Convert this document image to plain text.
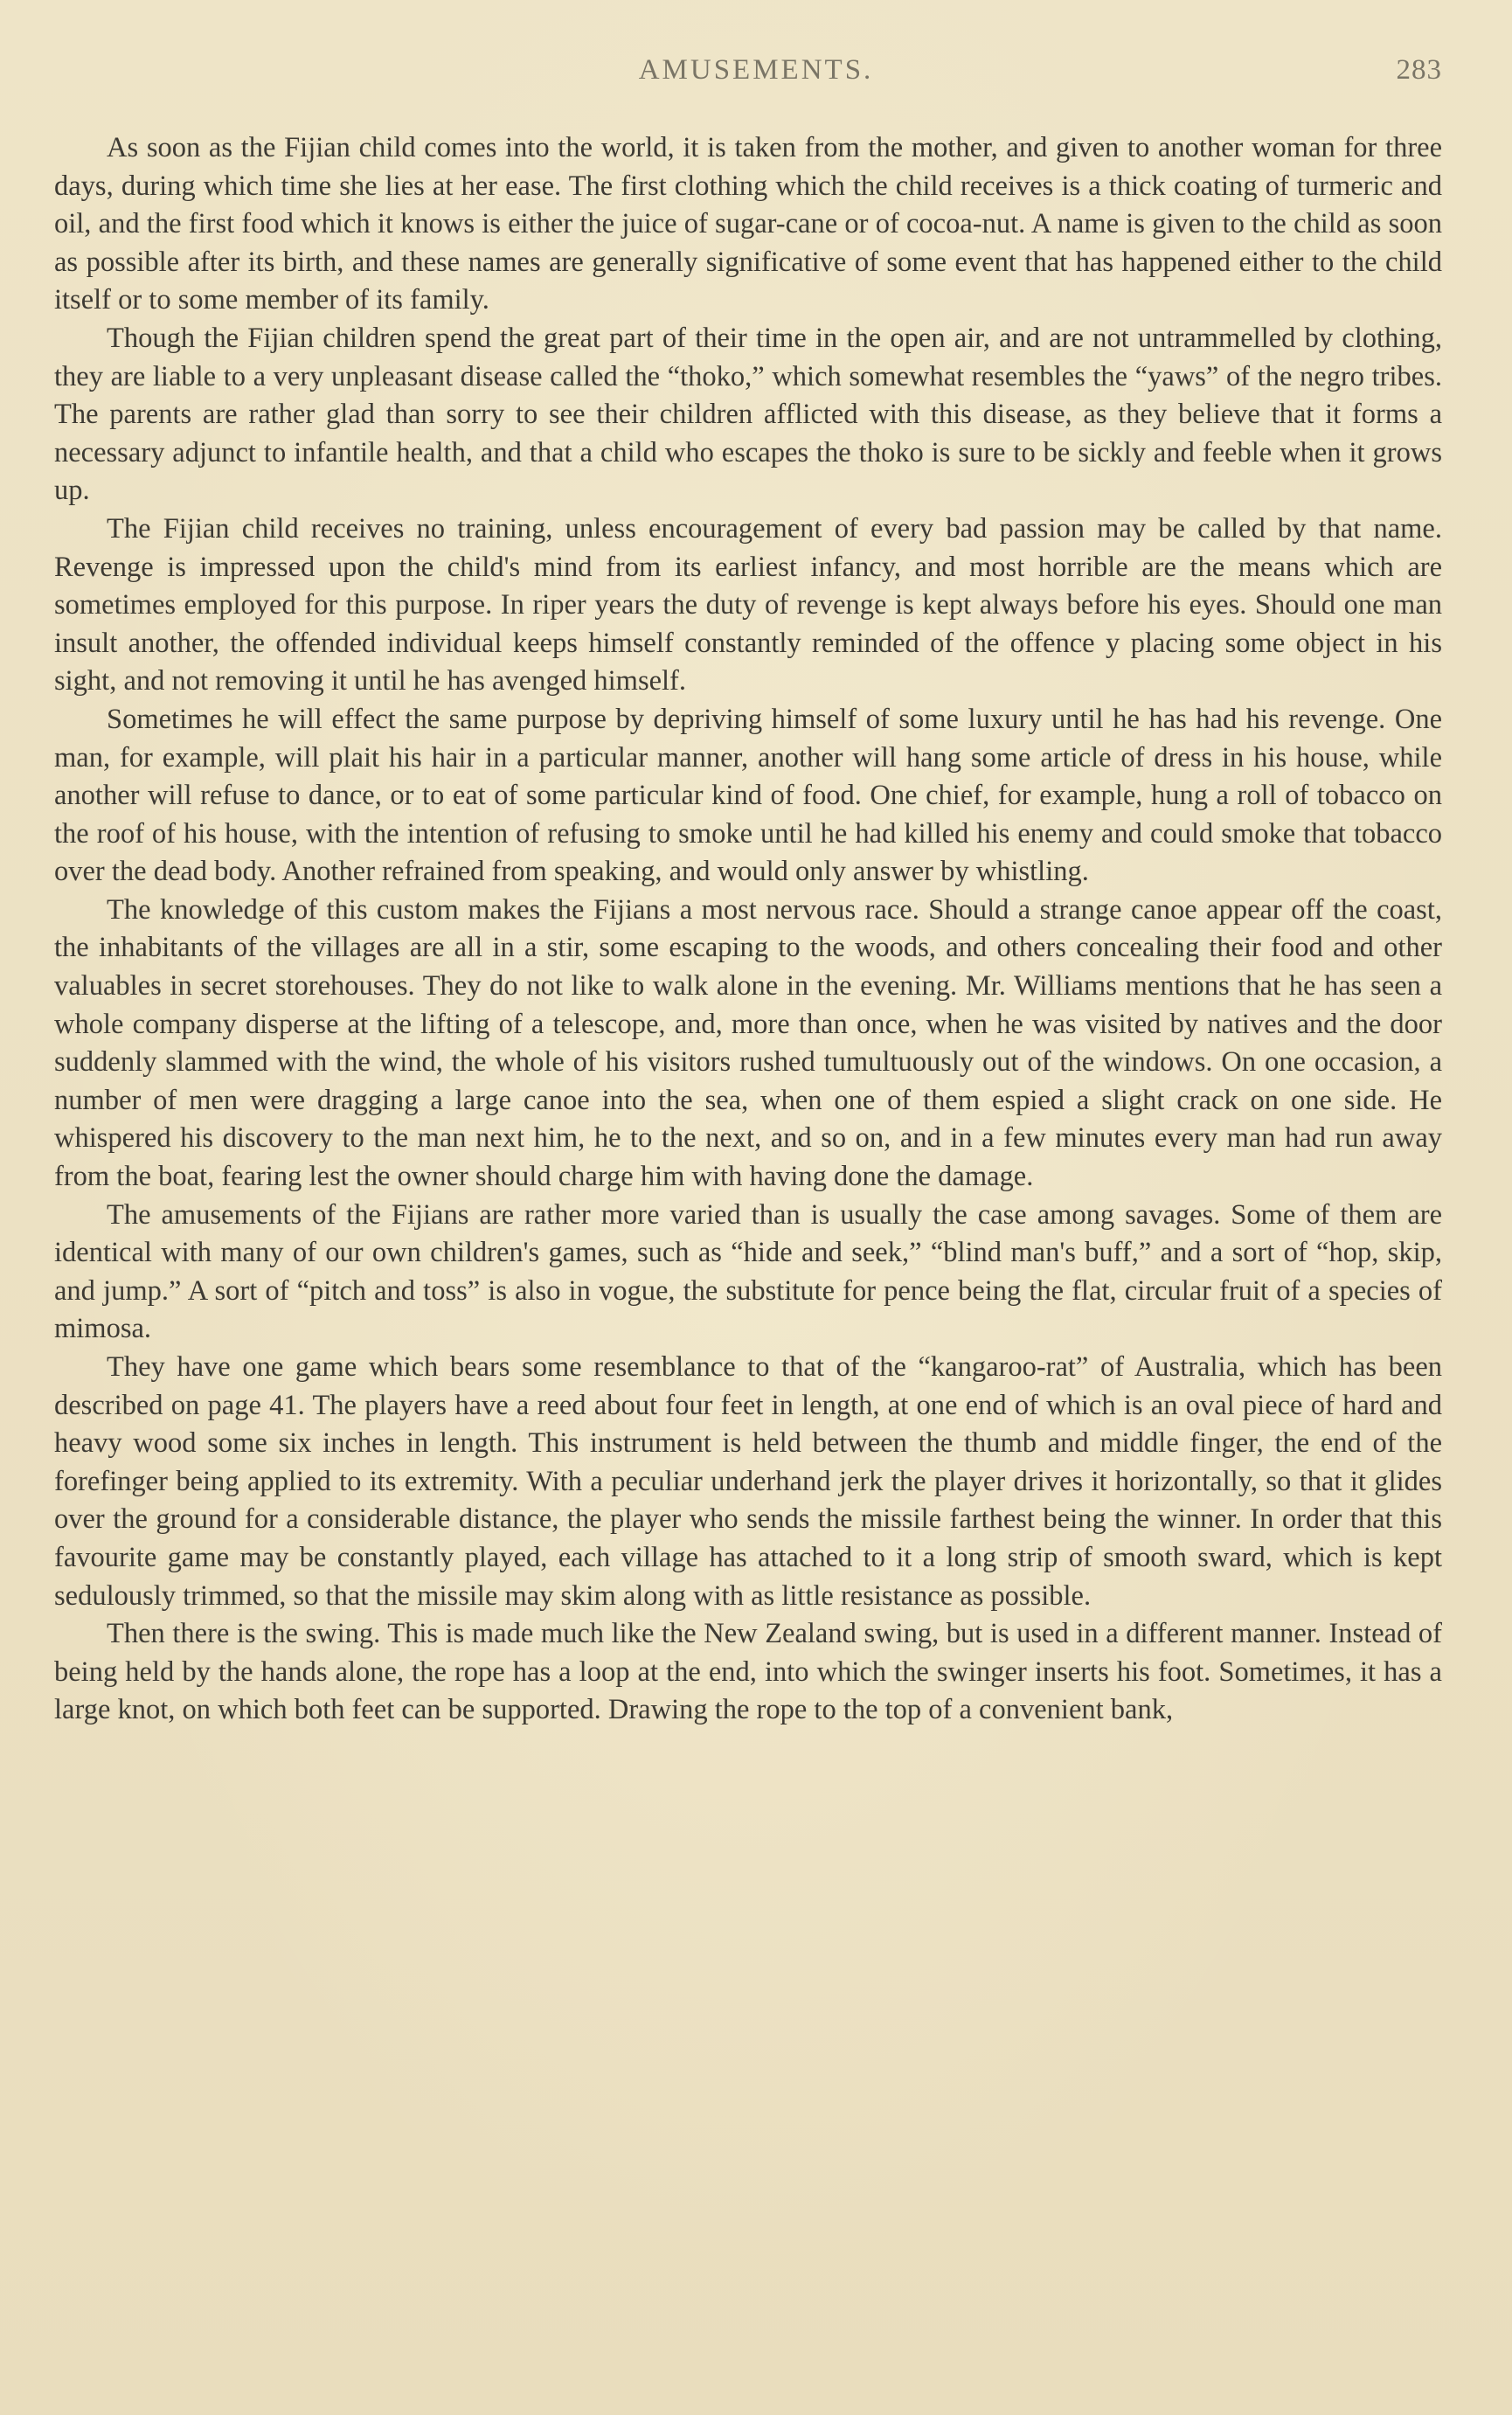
AMUSEMENTS.	283

As soon as the Fijian child comes into the world, it is taken from the mother, and given to another woman for three days, during which time she lies at her ease. The first clothing which the child receives is a thick coating of turmeric and oil, and the first food which it knows is either the juice of sugar-cane or of cocoa-nut. A name is given to the child as soon as possible after its birth, and these names are generally significative of some event that has happened either to the child itself or to some member of its family.

Though the Fijian children spend the great part of their time in the open air, and are not untrammelled by clothing, they are liable to a very unpleasant disease called the “thoko,” which somewhat resembles the “yaws” of the negro tribes. The parents are rather glad than sorry to see their children afflicted with this disease, as they believe that it forms a necessary adjunct to infantile health, and that a child who escapes the thoko is sure to be sickly and feeble when it grows up.

The Fijian child receives no training, unless encouragement of every bad passion may be called by that name. Revenge is impressed upon the child's mind from its earliest infancy, and most horrible are the means which are sometimes employed for this purpose. In riper years the duty of revenge is kept always before his eyes. Should one man insult another, the offended individual keeps himself constantly reminded of the offence y placing some object in his sight, and not removing it until he has avenged himself.

Sometimes he will effect the same purpose by depriving himself of some luxury until he has had his revenge. One man, for example, will plait his hair in a particular manner, another will hang some article of dress in his house, while another will refuse to dance, or to eat of some particular kind of food. One chief, for example, hung a roll of tobacco on the roof of his house, with the intention of refusing to smoke until he had killed his enemy and could smoke that tobacco over the dead body. Another refrained from speaking, and would only answer by whistling.

The knowledge of this custom makes the Fijians a most nervous race. Should a strange canoe appear off the coast, the inhabitants of the villages are all in a stir, some escaping to the woods, and others concealing their food and other valuables in secret storehouses. They do not like to walk alone in the evening. Mr. Williams mentions that he has seen a whole company disperse at the lifting of a telescope, and, more than once, when he was visited by natives and the door suddenly slammed with the wind, the whole of his visitors rushed tumultuously out of the windows. On one occasion, a number of men were dragging a large canoe into the sea, when one of them espied a slight crack on one side. He whispered his discovery to the man next him, he to the next, and so on, and in a few minutes every man had run away from the boat, fearing lest the owner should charge him with having done the damage.

The amusements of the Fijians are rather more varied than is usually the case among savages. Some of them are identical with many of our own children's games, such as “hide and seek,” “blind man's buff,” and a sort of “hop, skip, and jump.” A sort of “pitch and toss” is also in vogue, the substitute for pence being the flat, circular fruit of a species of mimosa.

They have one game which bears some resemblance to that of the “kangaroo-rat” of Australia, which has been described on page 41. The players have a reed about four feet in length, at one end of which is an oval piece of hard and heavy wood some six inches in length. This instrument is held between the thumb and middle finger, the end of the forefinger being applied to its extremity. With a peculiar underhand jerk the player drives it horizontally, so that it glides over the ground for a considerable distance, the player who sends the missile farthest being the winner. In order that this favourite game may be constantly played, each village has attached to it a long strip of smooth sward, which is kept sedulously trimmed, so that the missile may skim along with as little resistance as possible.

Then there is the swing. This is made much like the New Zealand swing, but is used in a different manner. Instead of being held by the hands alone, the rope has a loop at the end, into which the swinger inserts his foot. Sometimes, it has a large knot, on which both feet can be supported. Drawing the rope to the top of a convenient bank,
